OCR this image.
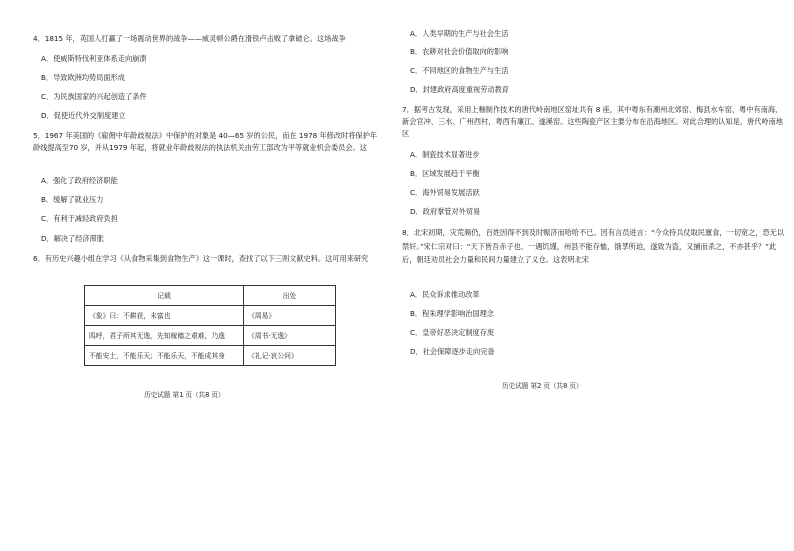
4．1815 年，英国人打赢了一场震动世界的战争——威灵顿公爵在滑铁卢击败了拿破仑。这场战争

A．使威斯特伐利亚体系走向崩溃

B．导致欧洲均势局面形成

C．为民族国家的兴起创造了条件

D．促使近代外交制度建立

5．1967 年美国的《雇佣中年龄歧视法》中保护的对象是 40—65 岁的公民，而在 1978 年修改时将保护年龄线提高至70 岁，并从1979 年起，将就业年龄歧视法的执法机关由劳工部改为平等就业机会委员会。这

A．强化了政府经济职能

B．缓解了就业压力

C．有利于减轻政府负担

D．解决了经济滞胀

6．有历史兴趣小组在学习《从食物采集到食物生产》这一课时，查找了以下三则文献史料。这可用来研究

记载	出处
《象》曰：不耕获，未富也	《周易》
呜呼，君子所其无逸，先知稼穑之艰难，乃逸	《周书·无逸》
不能安土，不能乐天；不能乐天，不能成其身	《礼记·哀公问》

历史试题 第1 页（共8 页）

A．人类早期的生产与社会生活

B．农耕对社会价值取向的影响

C．不同地区的食物生产与生活

D．封建政府高度重视劳动教育

7．据考古发现，采用上釉制作技术的唐代岭南地区窑址共有 8 座，其中粤东有潮州北郊窑、梅县水车窑，粤中有南海、新会官冲、三水、广州西村，粤西有廉江、遂溪窑。这些陶瓷产区主要分布在沿海地区。对此合理的认知是，唐代岭南地区

A．制瓷技术显著进步

B．区域发展趋于平衡

C．海外贸易发展活跃

D．政府掌管对外贸易

8．北宋初期，灾荒频仍，百姓因得不到及时赈济而哈哈不已。因有言员进言：“今众持兵仗取民廪食，一切宽之，恐无以禁奸。”宋仁宗对曰：“天下皆吾赤子也。一遇饥馑，州县不能存恤，饿莩所迫，遂致为盗，又捕而杀之，不亦甚乎？”此后，朝廷劝员社会力量和民间力量建立了义仓。这表明北宋

A．民众诉求推动改革

B．程朱理学影响治国理念

C．皇帝好恶决定制度存废

D．社会保障逐步走向完备

历史试题 第2 页（共8 页）
